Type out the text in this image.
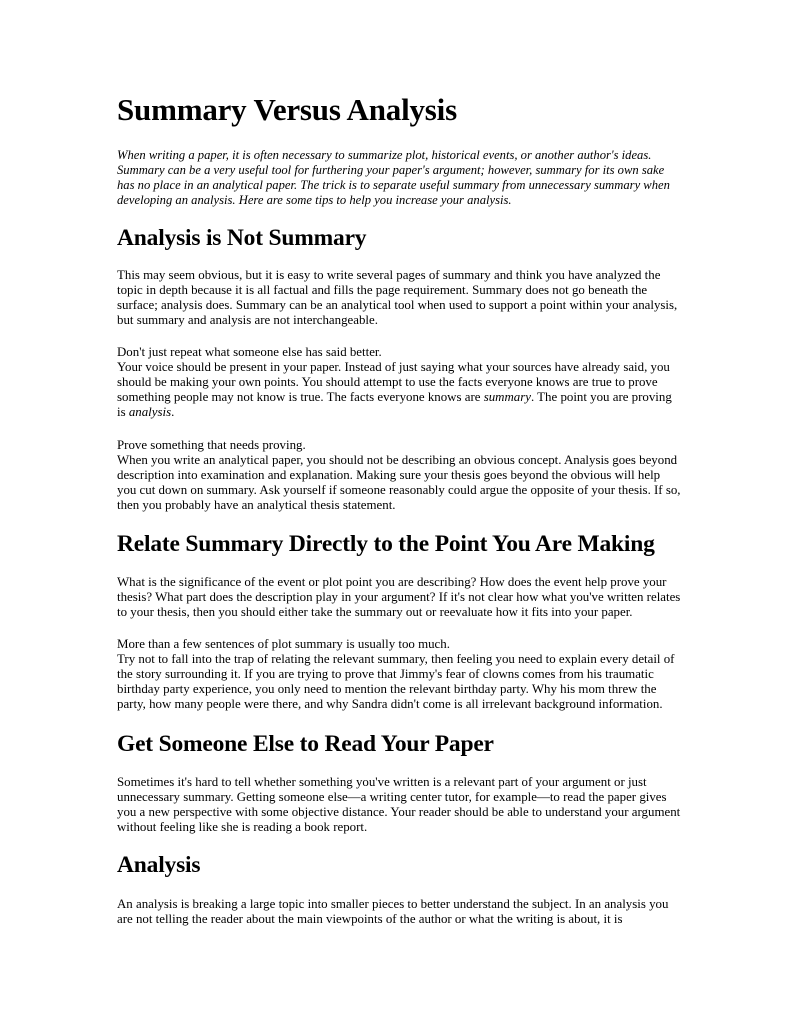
Summary Versus Analysis

When writing a paper, it is often necessary to summarize plot, historical events, or another author's ideas. Summary can be a very useful tool for furthering your paper's argument; however, summary for its own sake has no place in an analytical paper. The trick is to separate useful summary from unnecessary summary when developing an analysis. Here are some tips to help you increase your analysis.

Analysis is Not Summary

This may seem obvious, but it is easy to write several pages of summary and think you have analyzed the topic in depth because it is all factual and fills the page requirement. Summary does not go beneath the surface; analysis does. Summary can be an analytical tool when used to support a point within your analysis, but summary and analysis are not interchangeable.

Don't just repeat what someone else has said better.
Your voice should be present in your paper. Instead of just saying what your sources have already said, you should be making your own points. You should attempt to use the facts everyone knows are true to prove something people may not know is true. The facts everyone knows are summary. The point you are proving is analysis.

Prove something that needs proving.
When you write an analytical paper, you should not be describing an obvious concept. Analysis goes beyond description into examination and explanation. Making sure your thesis goes beyond the obvious will help you cut down on summary. Ask yourself if someone reasonably could argue the opposite of your thesis. If so, then you probably have an analytical thesis statement.

Relate Summary Directly to the Point You Are Making

What is the significance of the event or plot point you are describing? How does the event help prove your thesis? What part does the description play in your argument? If it's not clear how what you've written relates to your thesis, then you should either take the summary out or reevaluate how it fits into your paper.

More than a few sentences of plot summary is usually too much.
Try not to fall into the trap of relating the relevant summary, then feeling you need to explain every detail of the story surrounding it. If you are trying to prove that Jimmy's fear of clowns comes from his traumatic birthday party experience, you only need to mention the relevant birthday party. Why his mom threw the party, how many people were there, and why Sandra didn't come is all irrelevant background information.

Get Someone Else to Read Your Paper

Sometimes it's hard to tell whether something you've written is a relevant part of your argument or just unnecessary summary. Getting someone else—a writing center tutor, for example—to read the paper gives you a new perspective with some objective distance. Your reader should be able to understand your argument without feeling like she is reading a book report.

Analysis

An analysis is breaking a large topic into smaller pieces to better understand the subject. In an analysis you are not telling the reader about the main viewpoints of the author or what the writing is about, it is
